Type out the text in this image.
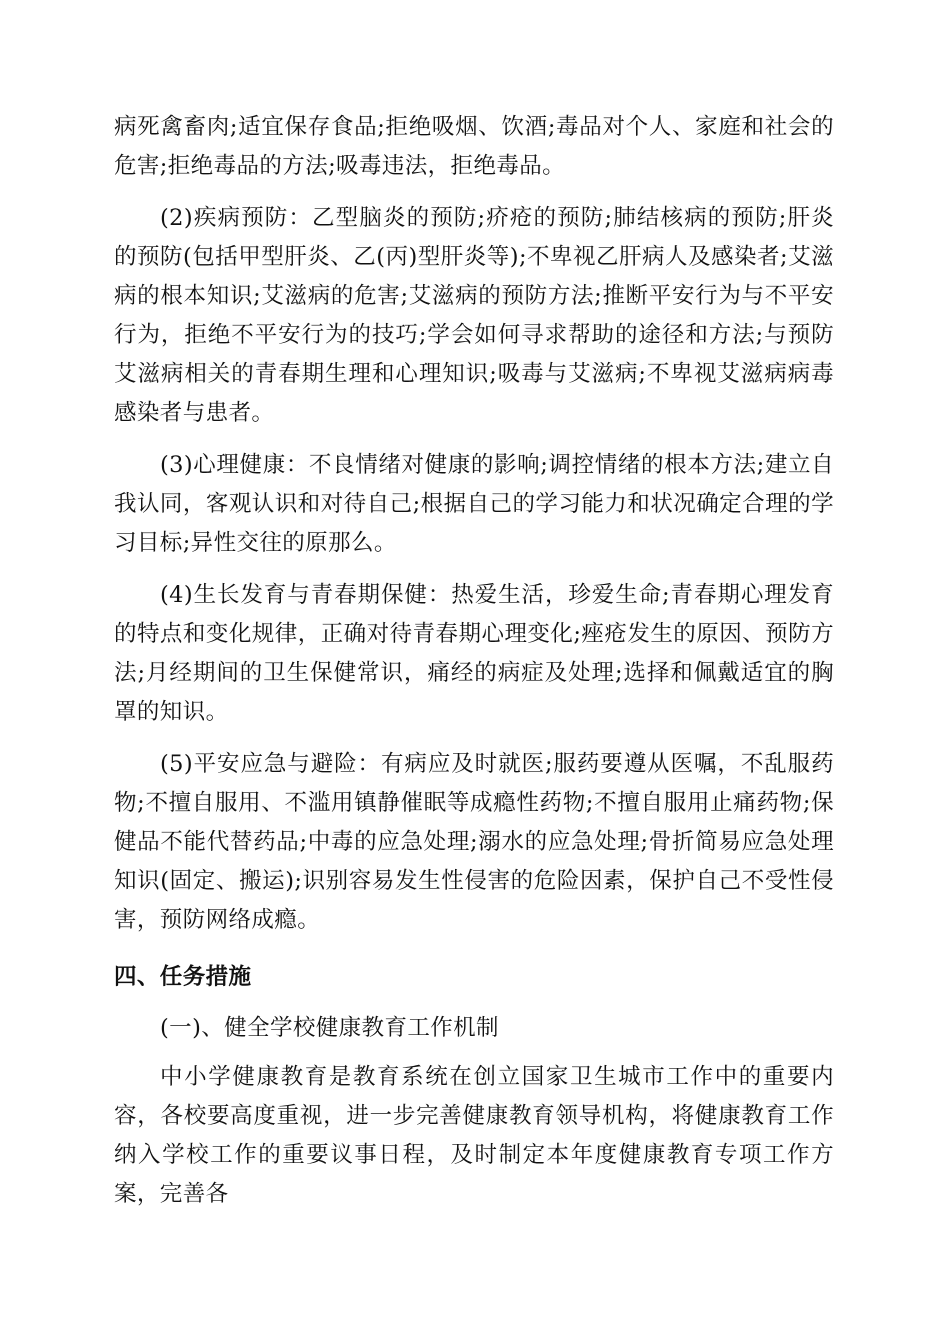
病死禽畜肉;适宜保存食品;拒绝吸烟、饮酒;毒品对个人、家庭和社会的危害;拒绝毒品的方法;吸毒违法，拒绝毒品。

(2)疾病预防：乙型脑炎的预防;疥疮的预防;肺结核病的预防;肝炎的预防(包括甲型肝炎、乙(丙)型肝炎等);不卑视乙肝病人及感染者;艾滋病的根本知识;艾滋病的危害;艾滋病的预防方法;推断平安行为与不平安行为，拒绝不平安行为的技巧;学会如何寻求帮助的途径和方法;与预防艾滋病相关的青春期生理和心理知识;吸毒与艾滋病;不卑视艾滋病病毒感染者与患者。

(3)心理健康：不良情绪对健康的影响;调控情绪的根本方法;建立自我认同，客观认识和对待自己;根据自己的学习能力和状况确定合理的学习目标;异性交往的原那么。

(4)生长发育与青春期保健：热爱生活，珍爱生命;青春期心理发育的特点和变化规律，正确对待青春期心理变化;痤疮发生的原因、预防方法;月经期间的卫生保健常识，痛经的病症及处理;选择和佩戴适宜的胸罩的知识。

(5)平安应急与避险：有病应及时就医;服药要遵从医嘱，不乱服药物;不擅自服用、不滥用镇静催眠等成瘾性药物;不擅自服用止痛药物;保健品不能代替药品;中毒的应急处理;溺水的应急处理;骨折简易应急处理知识(固定、搬运);识别容易发生性侵害的危险因素，保护自己不受性侵害，预防网络成瘾。

四、任务措施

(一)、健全学校健康教育工作机制

中小学健康教育是教育系统在创立国家卫生城市工作中的重要内容，各校要高度重视，进一步完善健康教育领导机构，将健康教育工作纳入学校工作的重要议事日程，及时制定本年度健康教育专项工作方案，完善各
